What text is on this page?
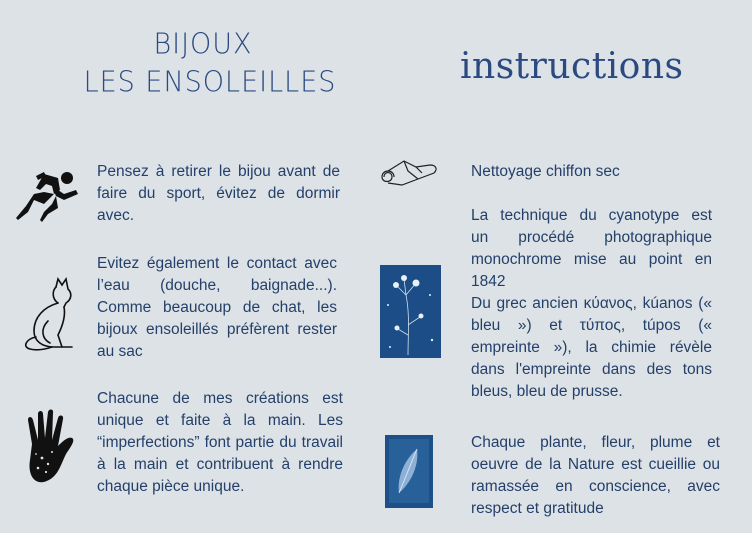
BIJOUX
LES ENSOLEILLES	instructions
Pensez à retirer le bijou avant de faire du sport, évitez de dormir avec.
Evitez également le contact avec l’eau (douche, baignade...). Comme beaucoup de chat, les bijoux ensoleillés préfèrent rester au sac
Chacune de mes créations est unique et faite à la main. Les “imperfections” font partie du travail à la main et contribuent à rendre chaque pièce unique.
Nettoyage chiffon sec
La technique du cyanotype est
un procédé photographique
monochrome mise au point en
1842
Du grec ancien κύανος, kúanos («
bleu ») et τύπος, túpos («
empreinte »), la chimie révèle
dans l'empreinte dans des tons
bleus, bleu de prusse.
Chaque plante, fleur, plume et oeuvre de la Nature est cueillie ou ramassée en conscience, avec respect et gratitude
